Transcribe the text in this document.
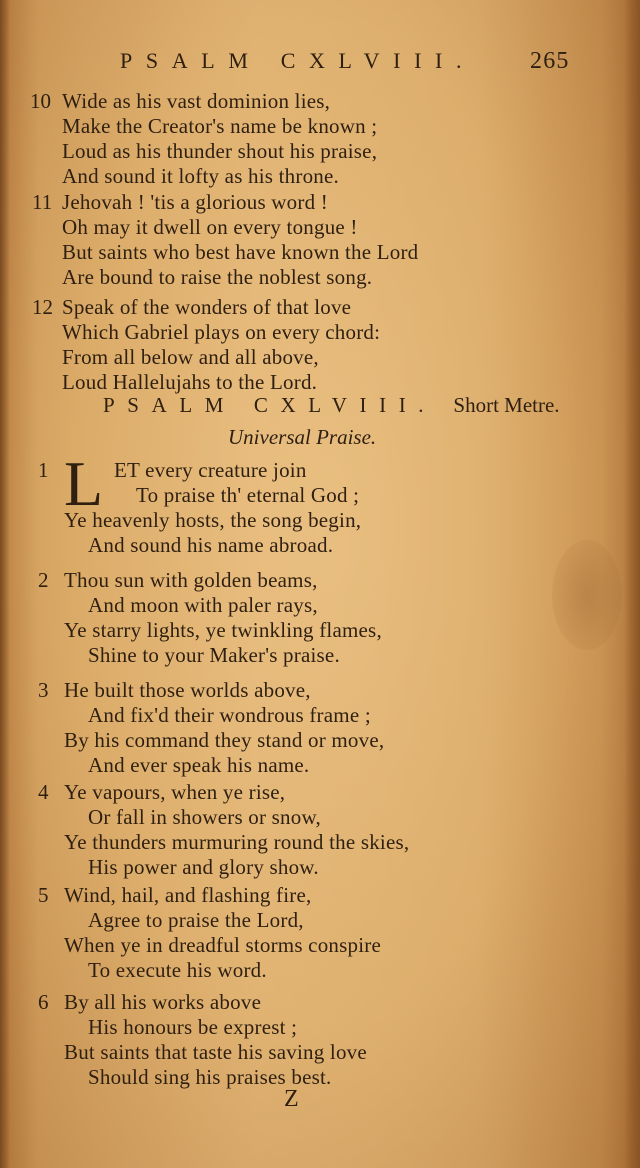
PSALM CXLVIII. 265
10 Wide as his vast dominion lies,
Make the Creator's name be known ;
Loud as his thunder shout his praise,
And sound it lofty as his throne.
11 Jehovah ! 'tis a glorious word !
Oh may it dwell on every tongue !
But saints who best have known the Lord
Are bound to raise the noblest song.
12 Speak of the wonders of that love
Which Gabriel plays on every chord:
From all below and all above,
Loud Hallelujahs to the Lord.
PSALM CXLVIII. Short Metre.
Universal Praise.
1 L ET every creature join
To praise th' eternal God ;
Ye heavenly hosts, the song begin,
And sound his name abroad.
2 Thou sun with golden beams,
And moon with paler rays,
Ye starry lights, ye twinkling flames,
Shine to your Maker's praise.
3 He built those worlds above,
And fix'd their wondrous frame ;
By his command they stand or move,
And ever speak his name.
4 Ye vapours, when ye rise,
Or fall in showers or snow,
Ye thunders murmuring round the skies,
His power and glory show.
5 Wind, hail, and flashing fire,
Agree to praise the Lord,
When ye in dreadful storms conspire
To execute his word.
6 By all his works above
His honours be exprest ;
But saints that taste his saving love
Should sing his praises best.
Z
